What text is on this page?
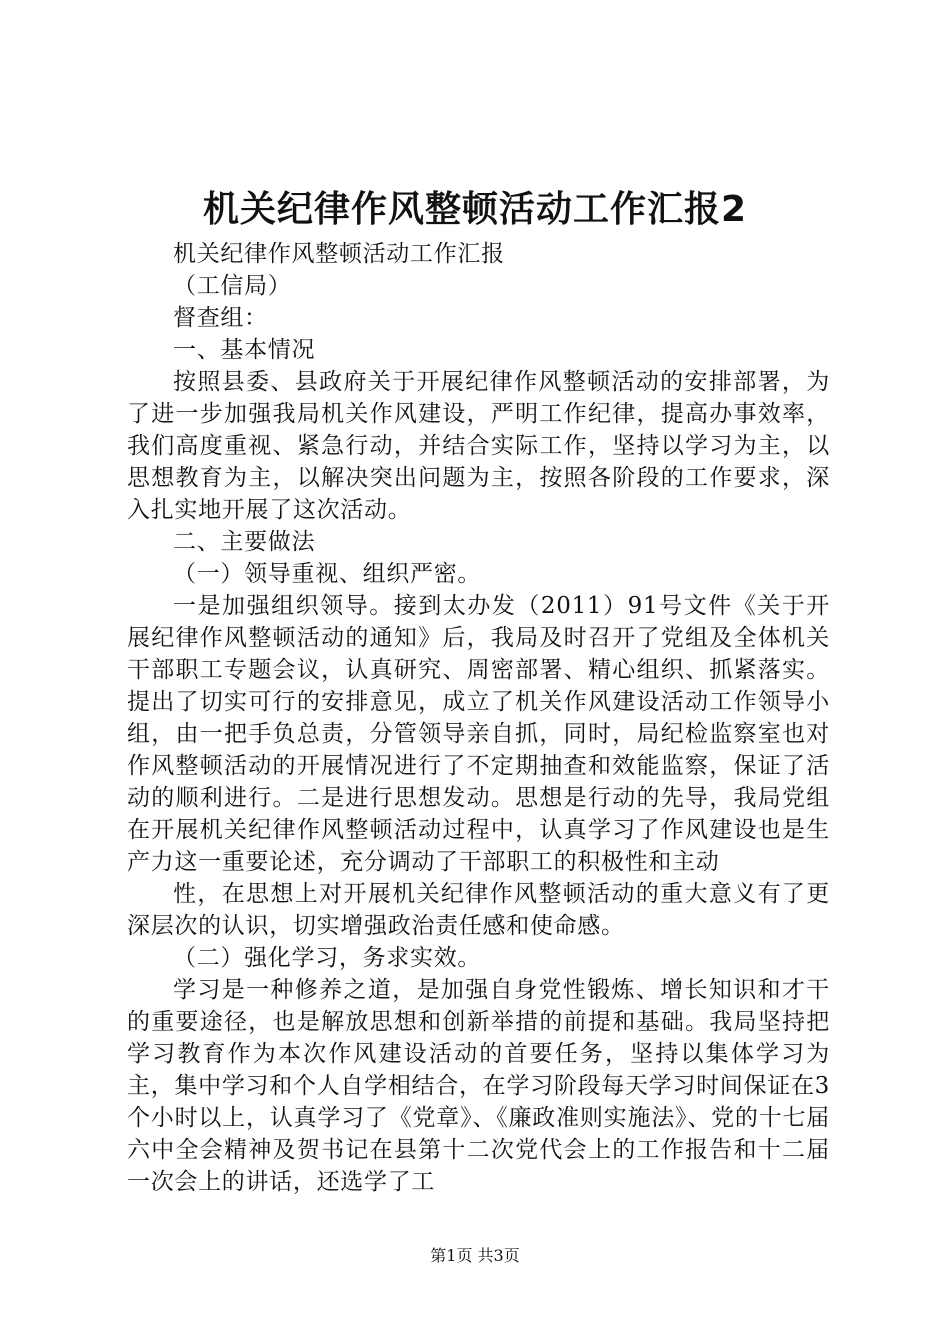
机关纪律作风整顿活动工作汇报2

机关纪律作风整顿活动工作汇报

（工信局）

督查组：

一、基本情况

按照县委、县政府关于开展纪律作风整顿活动的安排部署，为了进一步加强我局机关作风建设，严明工作纪律，提高办事效率，我们高度重视、紧急行动，并结合实际工作，坚持以学习为主，以思想教育为主，以解决突出问题为主，按照各阶段的工作要求，深入扎实地开展了这次活动。

二、主要做法

（一）领导重视、组织严密。

一是加强组织领导。接到太办发（2011）91号文件《关于开展纪律作风整顿活动的通知》后，我局及时召开了党组及全体机关干部职工专题会议，认真研究、周密部署、精心组织、抓紧落实。提出了切实可行的安排意见，成立了机关作风建设活动工作领导小组，由一把手负总责，分管领导亲自抓，同时，局纪检监察室也对作风整顿活动的开展情况进行了不定期抽查和效能监察，保证了活动的顺利进行。二是进行思想发动。思想是行动的先导，我局党组在开展机关纪律作风整顿活动过程中，认真学习了作风建设也是生产力这一重要论述，充分调动了干部职工的积极性和主动

性，在思想上对开展机关纪律作风整顿活动的重大意义有了更深层次的认识，切实增强政治责任感和使命感。

（二）强化学习，务求实效。

学习是一种修养之道，是加强自身党性锻炼、增长知识和才干的重要途径，也是解放思想和创新举措的前提和基础。我局坚持把学习教育作为本次作风建设活动的首要任务，坚持以集体学习为主，集中学习和个人自学相结合，在学习阶段每天学习时间保证在3个小时以上，认真学习了《党章》、《廉政准则实施法》、党的十七届六中全会精神及贺书记在县第十二次党代会上的工作报告和十二届一次会上的讲话，还选学了工

第1页 共3页
